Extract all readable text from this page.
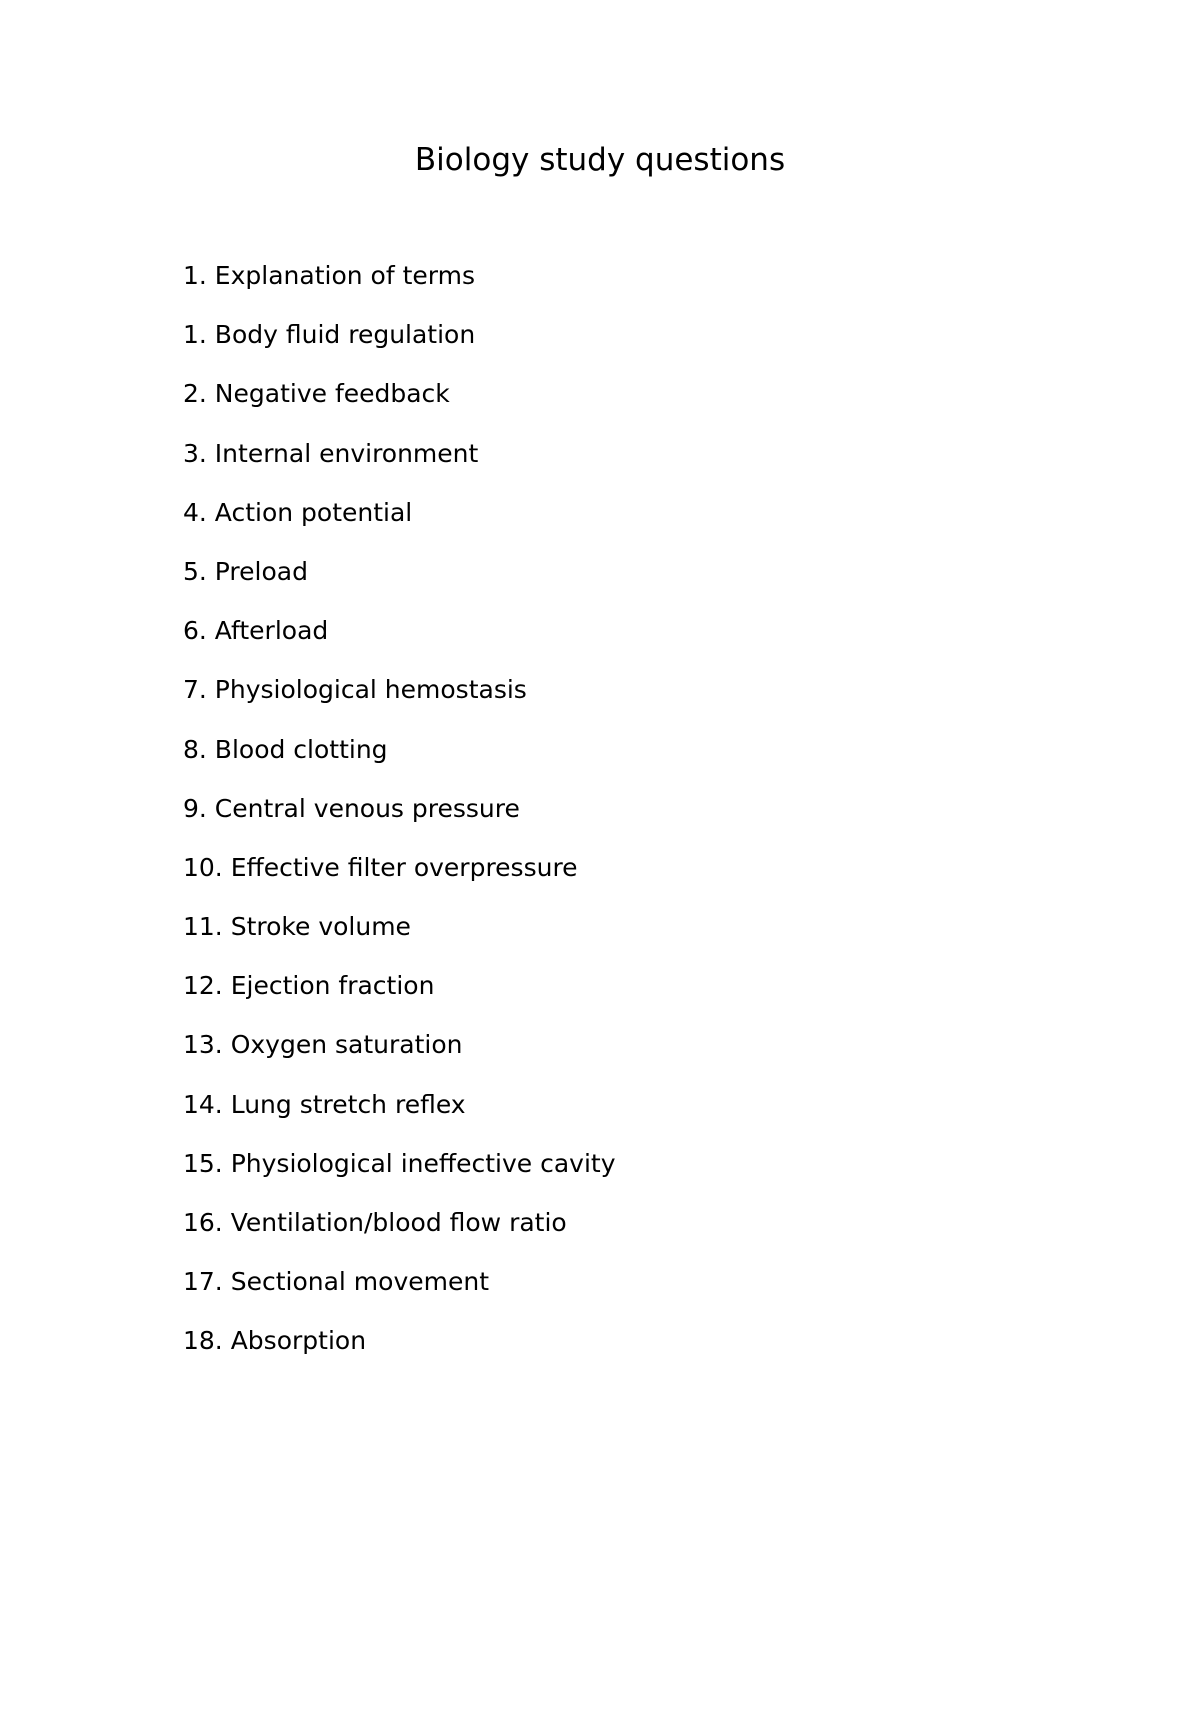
Biology study questions
1. Explanation of terms
1. Body fluid regulation
2. Negative feedback
3. Internal environment
4. Action potential
5. Preload
6. Afterload
7. Physiological hemostasis
8. Blood clotting
9. Central venous pressure
10. Effective filter overpressure
11. Stroke volume
12. Ejection fraction
13. Oxygen saturation
14. Lung stretch reflex
15. Physiological ineffective cavity
16. Ventilation/blood flow ratio
17. Sectional movement
18. Absorption
